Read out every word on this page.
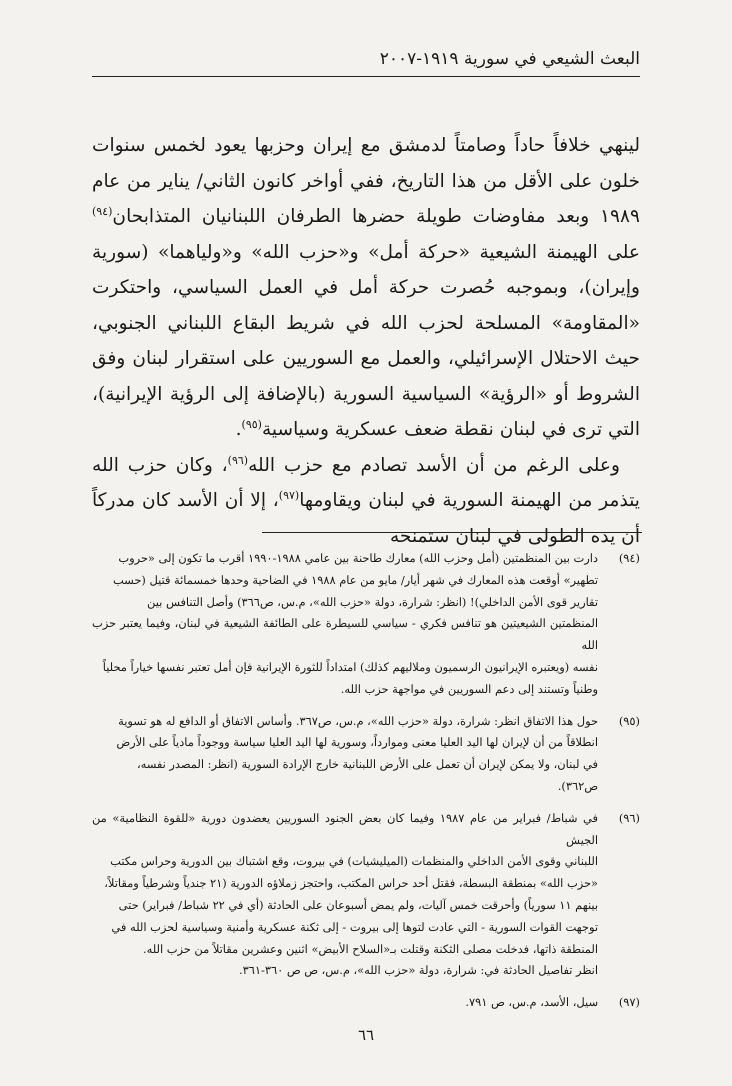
البعث الشيعي في سورية ١٩١٩-٢٠٠٧

لينهي خلافاً حاداً وصامتاً لدمشق مع إيران وحزبها يعود لخمس سنوات خلون على الأقل من هذا التاريخ، ففي أواخر كانون الثاني/ يناير من عام ١٩٨٩ وبعد مفاوضات طويلة حضرها الطرفان اللبنانيان المتذابحان$^{(٩٤)}$ على الهيمنة الشيعية «حركة أمل» و«حزب الله» و«ولياهما» (سورية وإيران)، وبموجبه حُصرت حركة أمل في العمل السياسي، واحتكرت «المقاومة» المسلحة لحزب الله في شريط البقاع اللبناني الجنوبي، حيث الاحتلال الإسرائيلي، والعمل مع السوريين على استقرار لبنان وفق الشروط أو «الرؤية» السياسية السورية (بالإضافة إلى الرؤية الإيرانية)، التي ترى في لبنان نقطة ضعف عسكرية وسياسية$^{(٩٥)}$.

وعلى الرغم من أن الأسد تصادم مع حزب الله$^{(٩٦)}$، وكان حزب الله يتذمر من الهيمنة السورية في لبنان ويقاومها$^{(٩٧)}$، إلا أن الأسد كان مدركاً أن يده الطولى في لبنان ستمنحه

(٩٤)
دارت بين المنظمتين (أمل وحزب الله) معارك طاحنة بين عامي ١٩٨٨-١٩٩٠ أقرب ما تكون إلى «حروب
تطهير» أوقعت هذه المعارك في شهر أيار/ مايو من عام ١٩٨٨ في الضاحية وحدها خمسمائة قتيل (حسب
تقارير قوى الأمن الداخلي)! (انظر: شرارة، دولة «حزب الله»، م.س، ص٣٦٦) وأصل التنافس بين
المنظمتين الشيعيتين هو تنافس فكري - سياسي للسيطرة على الطائفة الشيعية في لبنان، وفيما يعتبر حزب الله
نفسه (ويعتبره الإيرانيون الرسميون وملاليهم كذلك) امتداداً للثورة الإيرانية فإن أمل تعتبر نفسها خياراً محلياً
وطنياً وتستند إلى دعم السوريين في مواجهة حزب الله.
(٩٥)
حول هذا الاتفاق انظر: شرارة، دولة «حزب الله»، م.س، ص٣٦٧. وأساس الاتفاق أو الدافع له هو تسوية
انطلاقاً من أن لإيران لها اليد العليا معنى وموارداً، وسورية لها اليد العليا سياسة ووجوداً مادياً على الأرض
في لبنان، ولا يمكن لإيران أن تعمل على الأرض اللبنانية خارج الإرادة السورية (انظر: المصدر نفسه،
ص٣٦٢).
(٩٦)
في شباط/ فبراير من عام ١٩٨٧ وفيما كان بعض الجنود السوريين يعضدون دورية «للقوة النظامية» من الجيش
اللبناني وقوى الأمن الداخلي والمنظمات (الميليشيات) في بيروت، وقع اشتباك بين الدورية وحراس مكتب
«حزب الله» بمنطقة البسطة، فقتل أحد حراس المكتب، واحتجز زملاؤه الدورية (٢١ جندياً وشرطياً ومقاتلاً،
بينهم ١١ سورياً) وأحرقت خمس آليات، ولم يمض أسبوعان على الحادثة (أي في ٢٢ شباط/ فبراير) حتى
توجهت القوات السورية - التي عادت لتوها إلى بيروت - إلى ثكنة عسكرية وأمنية وسياسية لحزب الله في
المنطقة ذاتها، فدخلت مصلى الثكنة وقتلت بـ«السلاح الأبيض» اثنين وعشرين مقاتلاً من حزب الله.
انظر تفاصيل الحادثة في: شرارة، دولة «حزب الله»، م.س، ص ص ٣٦٠-٣٦١.
(٩٧)
سيل، الأسد، م.س، ص ٧٩١.
٦٦
